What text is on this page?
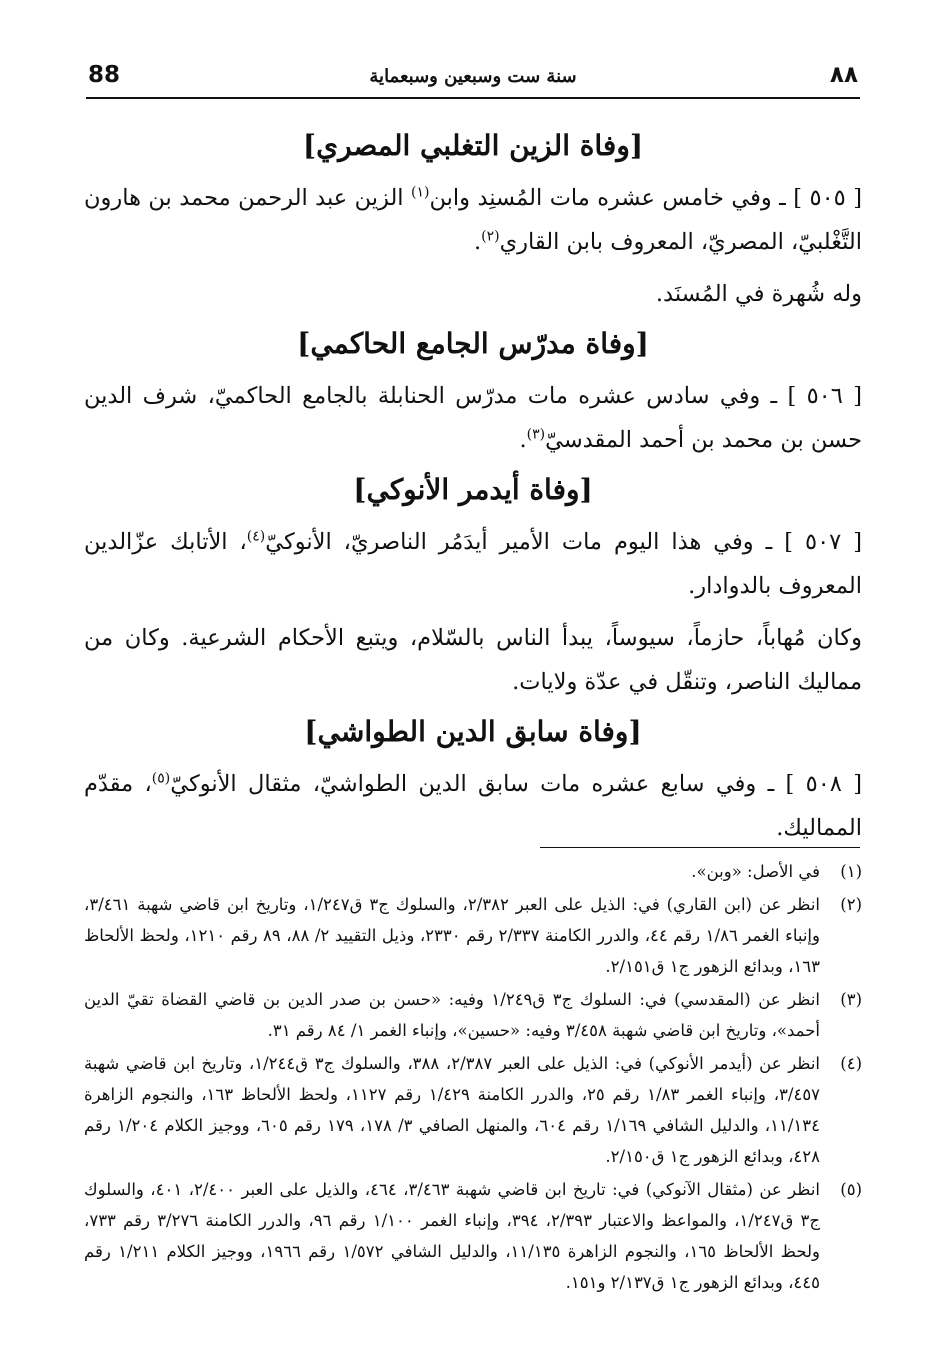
88	سنة ست وسبعين وسبعماية	٨٨
[وفاة الزين التغلبي المصري]

[ ٥٠٥ ] ـ وفي خامس عشره مات المُسنِد وابن$^{(١)}$ الزين عبد الرحمن محمد بن هارون التَّغْلبيّ، المصريّ، المعروف بابن القاري$^{(٢)}$.

وله شُهرة في المُسنَد.

[وفاة مدرّس الجامع الحاكمي]

[ ٥٠٦ ] ـ وفي سادس عشره مات مدرّس الحنابلة بالجامع الحاكميّ، شرف الدين حسن بن محمد بن أحمد المقدسيّ$^{(٣)}$.

[وفاة أيدمر الأنوكي]

[ ٥٠٧ ] ـ وفي هذا اليوم مات الأمير أيدَمُر الناصريّ، الأنوكيّ$^{(٤)}$، الأتابك عزّالدين المعروف بالدوادار.

وكان مُهاباً، حازماً، سيوساً، يبدأ الناس بالسّلام، ويتبع الأحكام الشرعية. وكان من مماليك الناصر، وتنقّل في عدّة ولايات.

[وفاة سابق الدين الطواشي]

[ ٥٠٨ ] ـ وفي سابع عشره مات سابق الدين الطواشيّ، مثقال الأنوكيّ$^{(٥)}$، مقدّم المماليك.

(١)
في الأصل: «وبن».
(٢)
انظر عن (ابن القاري) في: الذيل على العبر ٢/٣٨٢، والسلوك ج٣ ق١/٢٤٧، وتاريخ ابن قاضي شهبة ٣/٤٦١، وإنباء الغمر ١/٨٦ رقم ٤٤، والدرر الكامنة ٢/٣٣٧ رقم ٢٣٣٠، وذيل التقييد ٢/ ٨٨، ٨٩ رقم ١٢١٠، ولحظ الألحاظ ١٦٣، وبدائع الزهور ج١ ق٢/١٥١.
(٣)
انظر عن (المقدسي) في: السلوك ج٣ ق١/٢٤٩ وفيه: «حسن بن صدر الدين بن قاضي القضاة تقيّ الدين أحمد»، وتاريخ ابن قاضي شهبة ٣/٤٥٨ وفيه: «حسين»، وإنباء الغمر ١/ ٨٤ رقم ٣١.
(٤)
انظر عن (أيدمر الأنوكي) في: الذيل على العبر ٢/٣٨٧، ٣٨٨، والسلوك ج٣ ق١/٢٤٤، وتاريخ ابن قاضي شهبة ٣/٤٥٧، وإنباء الغمر ١/٨٣ رقم ٢٥، والدرر الكامنة ١/٤٢٩ رقم ١١٢٧، ولحظ الألحاظ ١٦٣، والنجوم الزاهرة ١١/١٣٤، والدليل الشافي ١/١٦٩ رقم ٦٠٤، والمنهل الصافي ٣/ ١٧٨، ١٧٩ رقم ٦٠٥، ووجيز الكلام ١/٢٠٤ رقم ٤٢٨، وبدائع الزهور ج١ ق٢/١٥٠.
(٥)
انظر عن (مثقال الآنوكي) في: تاريخ ابن قاضي شهبة ٣/٤٦٣، ٤٦٤، والذيل على العبر ٢/٤٠٠، ٤٠١، والسلوك ج٣ ق١/٢٤٧، والمواعظ والاعتبار ٢/٣٩٣، ٣٩٤، وإنباء الغمر ١/١٠٠ رقم ٩٦، والدرر الكامنة ٣/٢٧٦ رقم ٧٣٣، ولحظ الألحاظ ١٦٥، والنجوم الزاهرة ١١/١٣٥، والدليل الشافي ١/٥٧٢ رقم ١٩٦٦، ووجيز الكلام ١/٢١١ رقم ٤٤٥، وبدائع الزهور ج١ ق٢/١٣٧ و١٥١.
